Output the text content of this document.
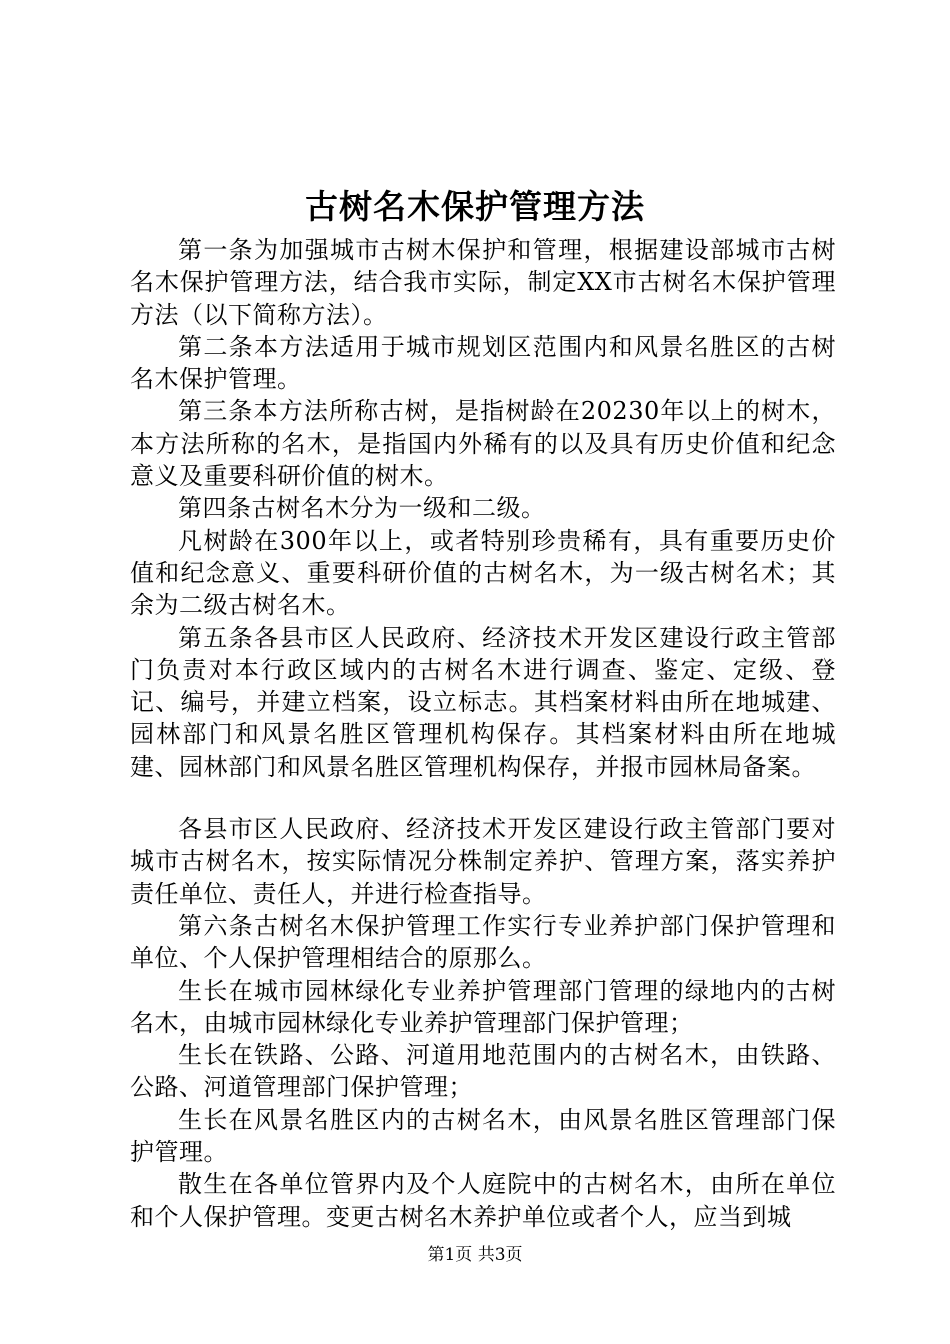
古树名木保护管理方法

第一条为加强城市古树木保护和管理，根据建设部城市古树名木保护管理方法，结合我市实际，制定XX市古树名木保护管理方法（以下简称方法）。

第二条本方法适用于城市规划区范围内和风景名胜区的古树名木保护管理。

第三条本方法所称古树，是指树龄在20230年以上的树木，本方法所称的名木，是指国内外稀有的以及具有历史价值和纪念意义及重要科研价值的树木。

第四条古树名木分为一级和二级。

凡树龄在300年以上，或者特别珍贵稀有，具有重要历史价值和纪念意义、重要科研价值的古树名木，为一级古树名术；其余为二级古树名木。

第五条各县市区人民政府、经济技术开发区建设行政主管部门负责对本行政区域内的古树名木进行调查、鉴定、定级、登记、编号，并建立档案，设立标志。其档案材料由所在地城建、园林部门和风景名胜区管理机构保存。其档案材料由所在地城建、园林部门和风景名胜区管理机构保存，并报市园林局备案。

各县市区人民政府、经济技术开发区建设行政主管部门要对城市古树名木，按实际情况分株制定养护、管理方案，落实养护责任单位、责任人，并进行检查指导。

第六条古树名木保护管理工作实行专业养护部门保护管理和单位、个人保护管理相结合的原那么。

生长在城市园林绿化专业养护管理部门管理的绿地内的古树名木，由城市园林绿化专业养护管理部门保护管理；

生长在铁路、公路、河道用地范围内的古树名木，由铁路、公路、河道管理部门保护管理；

生长在风景名胜区内的古树名木，由风景名胜区管理部门保护管理。

散生在各单位管界内及个人庭院中的古树名木，由所在单位和个人保护管理。变更古树名木养护单位或者个人，应当到城

第1页 共3页
